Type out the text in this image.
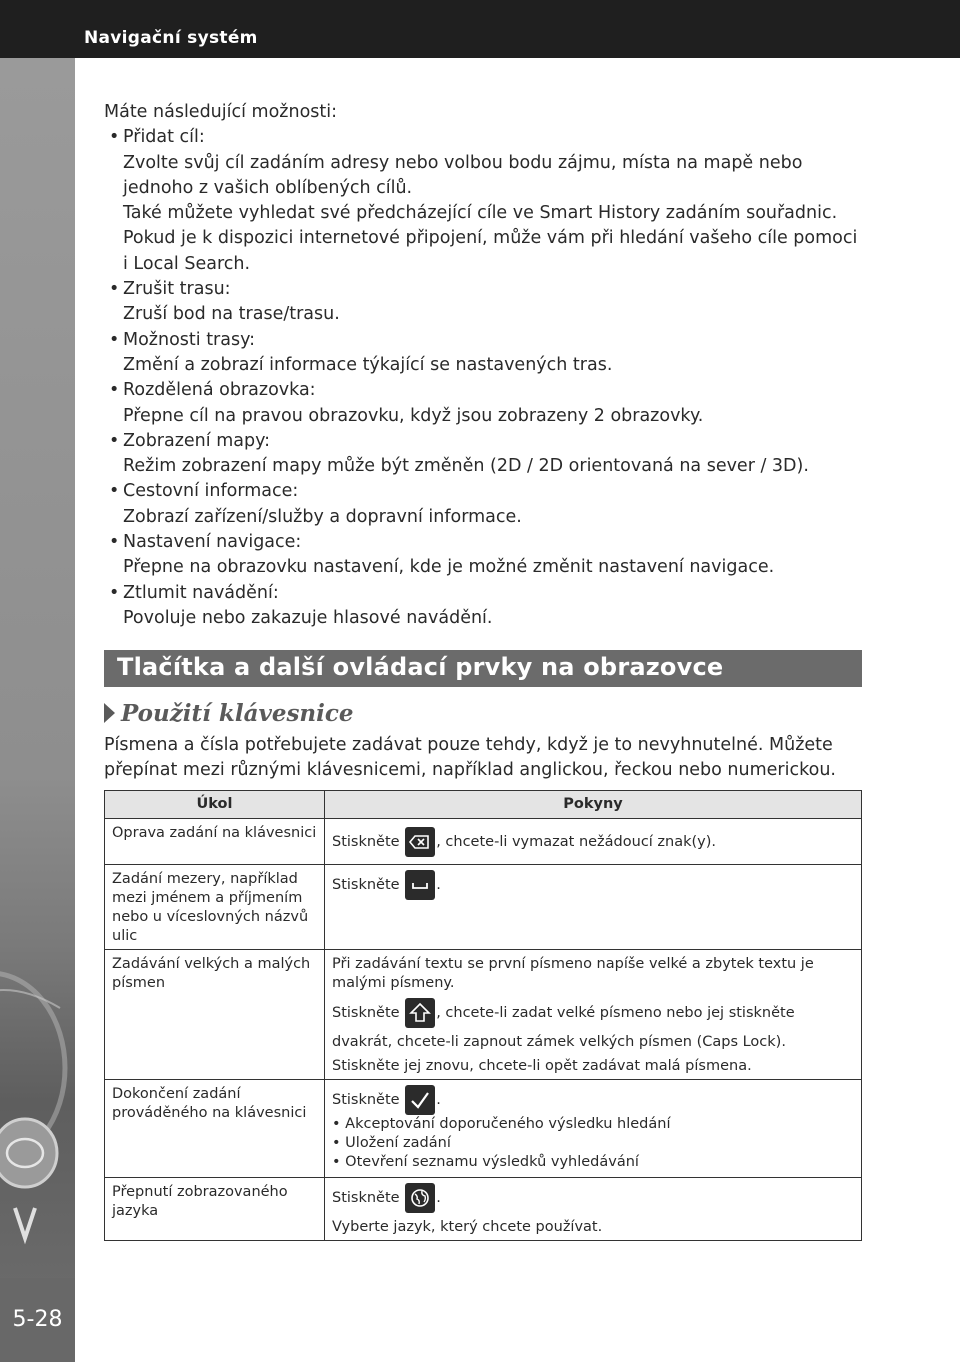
Navigační systém
5-28

Máte následující možnosti:

• Přidat cíl:

Zvolte svůj cíl zadáním adresy nebo volbou bodu zájmu, místa na mapě nebo jednoho z vašich oblíbených cílů.

Také můžete vyhledat své předcházející cíle ve Smart History zadáním souřadnic. Pokud je k dispozici internetové připojení, může vám při hledání vašeho cíle pomoci i Local Search.

• Zrušit trasu:

Zruší bod na trase/trasu.

• Možnosti trasy:

Změní a zobrazí informace týkající se nastavených tras.

• Rozdělená obrazovka:

Přepne cíl na pravou obrazovku, když jsou zobrazeny 2 obrazovky.

• Zobrazení mapy:

Režim zobrazení mapy může být změněn (2D / 2D orientovaná na sever / 3D).

• Cestovní informace:

Zobrazí zařízení/služby a dopravní informace.

• Nastavení navigace:

Přepne na obrazovku nastavení, kde je možné změnit nastavení navigace.

• Ztlumit navádění:

Povoluje nebo zakazuje hlasové navádění.

Tlačítka a další ovládací prvky na obrazovce
Použití klávesnice

Písmena a čísla potřebujete zadávat pouze tehdy, když je to nevyhnutelné. Můžete přepínat mezi různými klávesnicemi, například anglickou, řeckou nebo numerickou.

Úkol	Pokyny
Oprava zadání na klávesnici	Stiskněte , chcete-li vymazat nežádoucí znak(y).
Zadání mezery, například mezi jménem a příjmením nebo u víceslovných názvů ulic	Stiskněte .
Zadávání velkých a malých písmen	Při zadávání textu se první písmeno napíše velké a zbytek textu je malými písmeny.
Stiskněte , chcete-li zadat velké písmeno nebo jej stiskněte
dvakrát, chcete-li zapnout zámek velkých písmen (Caps Lock).
Stiskněte jej znovu, chcete-li opět zadávat malá písmena.

Dokončení zadání prováděného na klávesnici	Stiskněte .
• Akceptování doporučeného výsledku hledání
• Uložení zadání
• Otevření seznamu výsledků vyhledávání

Přepnutí zobrazovaného jazyka	Stiskněte .
Vyberte jazyk, který chcete používat.
